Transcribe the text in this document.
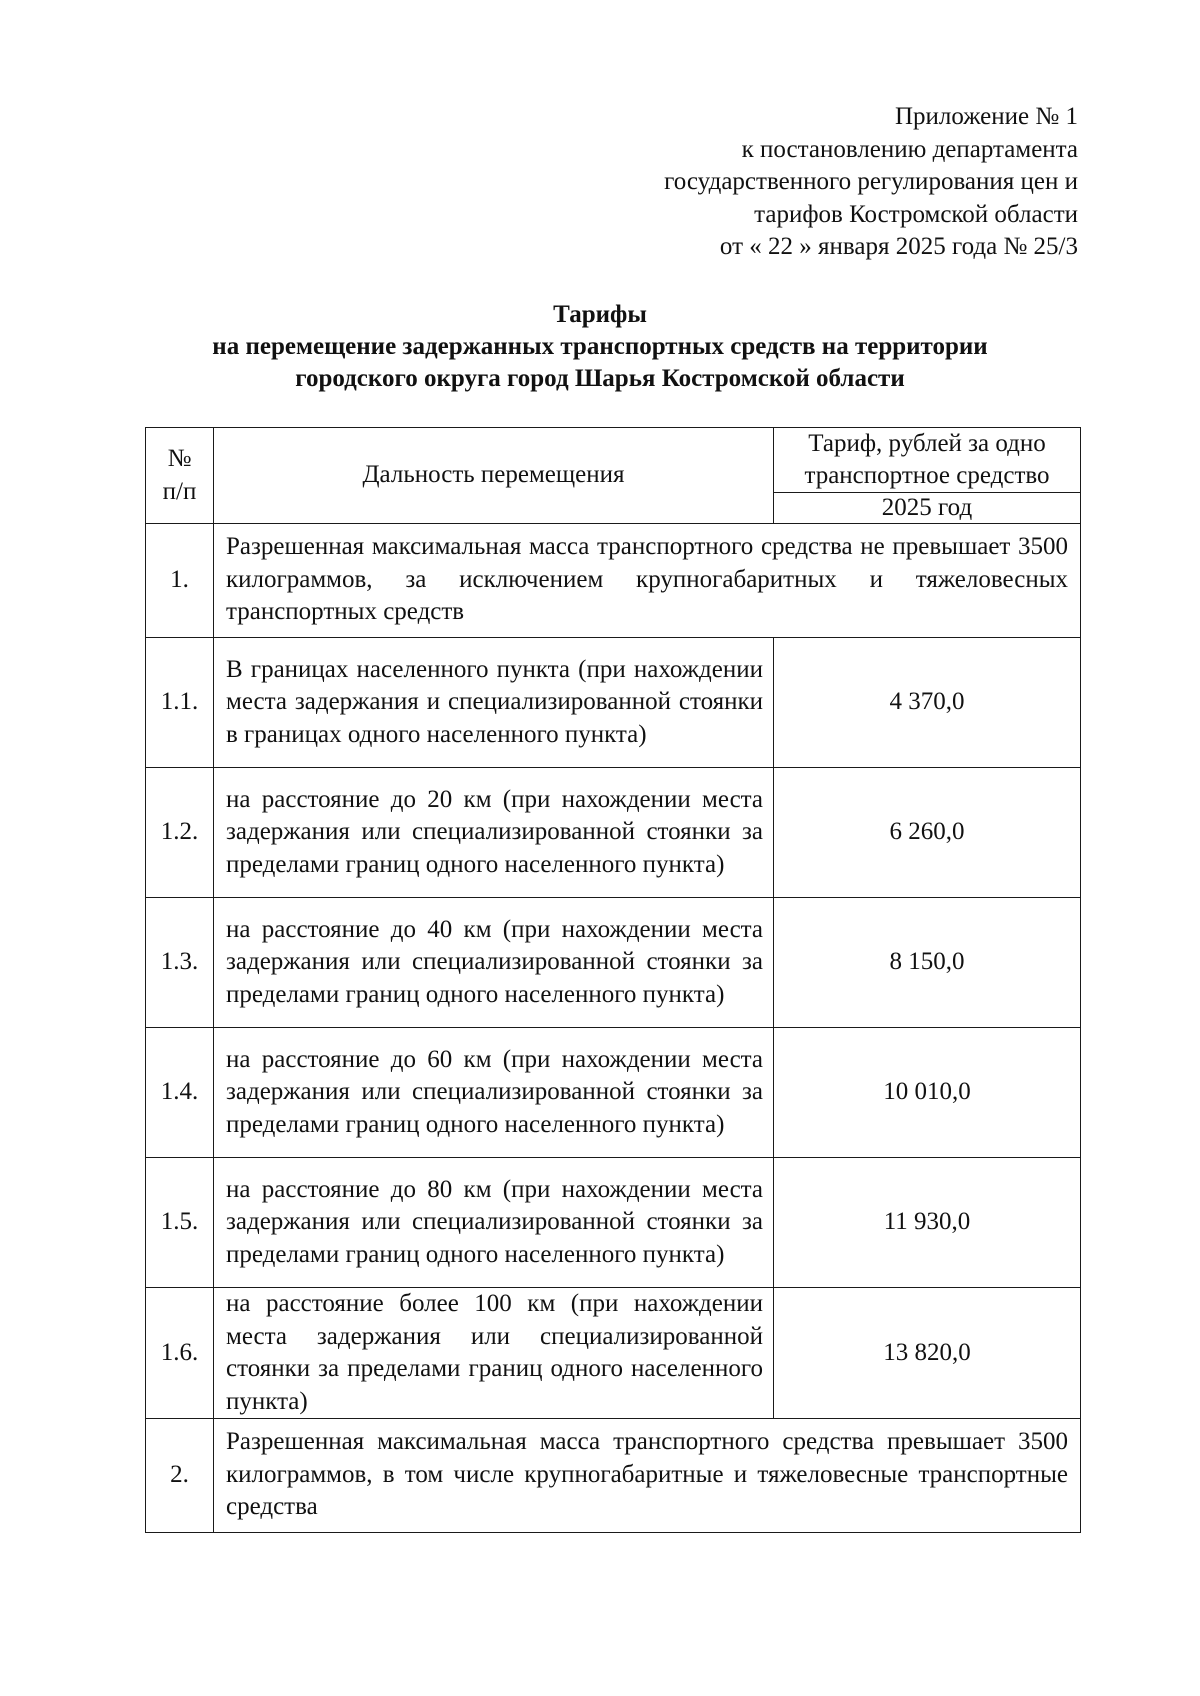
Приложение № 1
к постановлению департамента
государственного регулирования цен и
тарифов Костромской области
от « 22 » января 2025 года № 25/3
Тарифы
на перемещение задержанных транспортных средств на территории
городского округа город Шарья Костромской области
№ п/п	Дальность перемещения	Тариф, рублей за одно транспортное средство

		2025 год
1.	Разрешенная максимальная масса транспортного средства не превышает 3500 килограммов, за исключением крупногабаритных и тяжеловесных транспортных средств	

1.1.	В границах населенного пункта (при нахождении места задержания и специализированной стоянки в границах одного населенного пункта)	4 370,0
1.2.	на расстояние до 20 км (при нахождении места задержания или специализированной стоянки за пределами границ одного населенного пункта)	6 260,0
1.3.	на расстояние до 40 км (при нахождении места задержания или специализированной стоянки за пределами границ одного населенного пункта)	8 150,0
1.4.	на расстояние до 60 км (при нахождении места задержания или специализированной стоянки за пределами границ одного населенного пункта)	10 010,0
1.5.	на расстояние до 80 км (при нахождении места задержания или специализированной стоянки за пределами границ одного населенного пункта)	11 930,0
1.6.	на расстояние более 100 км (при нахождении места задержания или специализированной стоянки за пределами границ одного населенного пункта)	13 820,0
2.	Разрешенная максимальная масса транспортного средства превышает 3500 килограммов, в том числе крупногабаритные и тяжеловесные транспортные средства	
